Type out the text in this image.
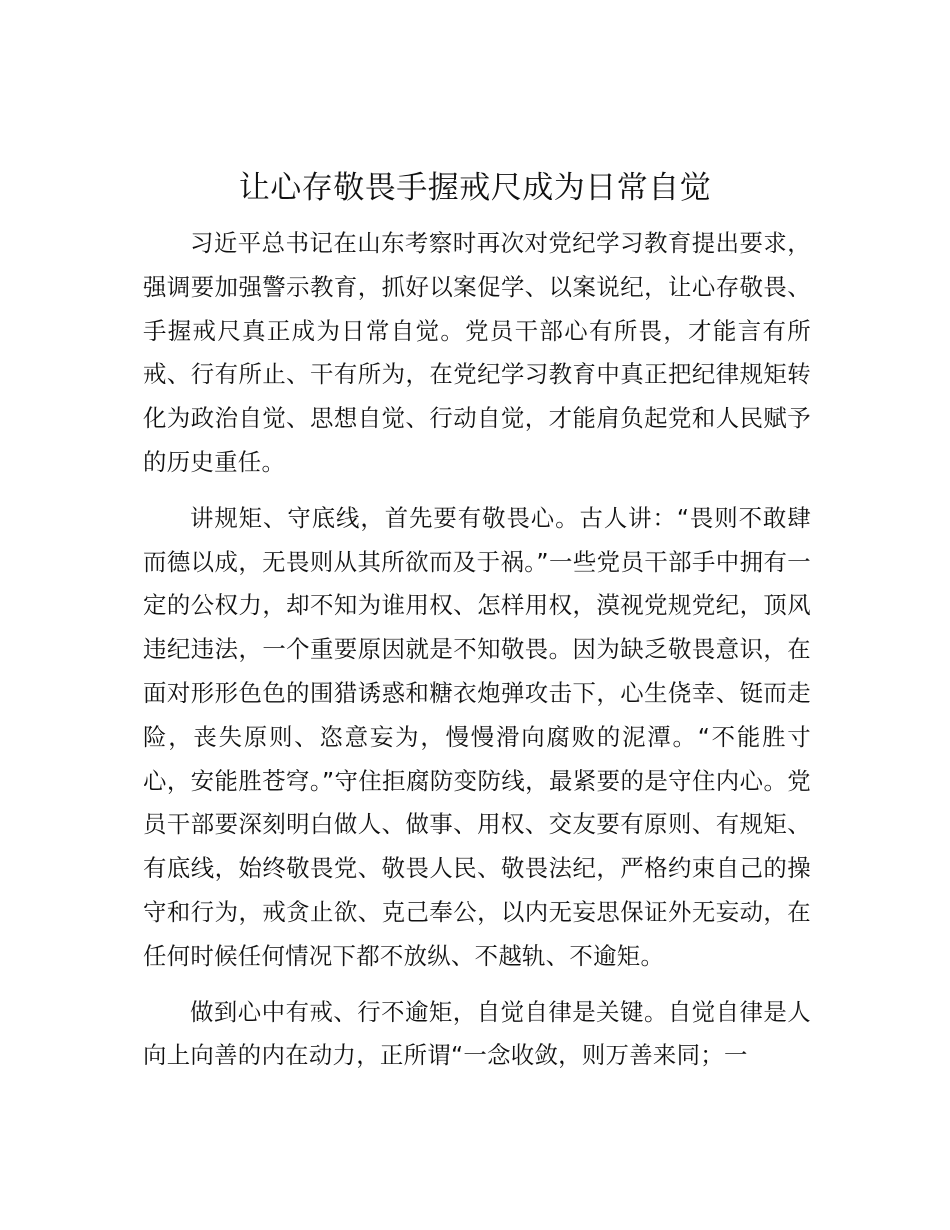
让心存敬畏手握戒尺成为日常自觉

习近平总书记在山东考察时再次对党纪学习教育提出要求，强调要加强警示教育，抓好以案促学、以案说纪，让心存敬畏、手握戒尺真正成为日常自觉。党员干部心有所畏，才能言有所戒、行有所止、干有所为，在党纪学习教育中真正把纪律规矩转化为政治自觉、思想自觉、行动自觉，才能肩负起党和人民赋予的历史重任。

讲规矩、守底线，首先要有敬畏心。古人讲：“畏则不敢肆而德以成，无畏则从其所欲而及于祸。”一些党员干部手中拥有一定的公权力，却不知为谁用权、怎样用权，漠视党规党纪，顶风违纪违法，一个重要原因就是不知敬畏。因为缺乏敬畏意识，在面对形形色色的围猎诱惑和糖衣炮弹攻击下，心生侥幸、铤而走险，丧失原则、恣意妄为，慢慢滑向腐败的泥潭。“不能胜寸心，安能胜苍穹。”守住拒腐防变防线，最紧要的是守住内心。党员干部要深刻明白做人、做事、用权、交友要有原则、有规矩、有底线，始终敬畏党、敬畏人民、敬畏法纪，严格约束自己的操守和行为，戒贪止欲、克己奉公，以内无妄思保证外无妄动，在任何时候任何情况下都不放纵、不越轨、不逾矩。

做到心中有戒、行不逾矩，自觉自律是关键。自觉自律是人向上向善的内在动力，正所谓“一念收敛，则万善来同；一
